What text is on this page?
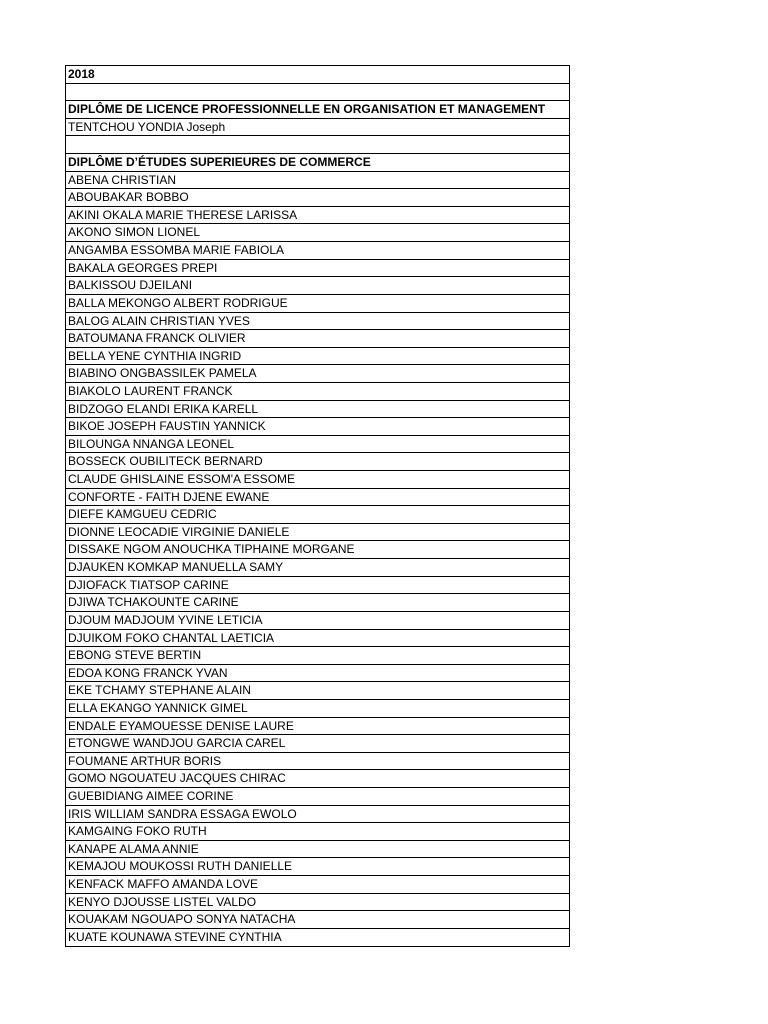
2018
DIPLÔME DE LICENCE PROFESSIONNELLE EN ORGANISATION ET MANAGEMENT
TENTCHOU YONDIA Joseph
DIPLÔME D’ÉTUDES SUPERIEURES DE COMMERCE
ABENA CHRISTIAN
ABOUBAKAR BOBBO
AKINI OKALA MARIE THERESE LARISSA
AKONO SIMON LIONEL
ANGAMBA ESSOMBA MARIE FABIOLA
BAKALA GEORGES PREPI
BALKISSOU DJEILANI
BALLA MEKONGO ALBERT RODRIGUE
BALOG ALAIN CHRISTIAN YVES
BATOUMANA FRANCK OLIVIER
BELLA YENE CYNTHIA INGRID
BIABINO ONGBASSILEK PAMELA
BIAKOLO LAURENT FRANCK
BIDZOGO ELANDI ERIKA KARELL
BIKOE JOSEPH FAUSTIN YANNICK
BILOUNGA NNANGA LEONEL
BOSSECK OUBILITECK BERNARD
CLAUDE GHISLAINE ESSOM'A ESSOME
CONFORTE - FAITH DJENE EWANE
DIEFE KAMGUEU CEDRIC
DIONNE LEOCADIE VIRGINIE DANIELE
DISSAKE NGOM ANOUCHKA TIPHAINE MORGANE
DJAUKEN KOMKAP MANUELLA SAMY
DJIOFACK TIATSOP CARINE
DJIWA TCHAKOUNTE CARINE
DJOUM MADJOUM YVINE LETICIA
DJUIKOM FOKO CHANTAL LAETICIA
EBONG STEVE BERTIN
EDOA KONG FRANCK YVAN
EKE TCHAMY STEPHANE ALAIN
ELLA EKANGO YANNICK GIMEL
ENDALE EYAMOUESSE DENISE LAURE
ETONGWE WANDJOU GARCIA CAREL
FOUMANE ARTHUR BORIS
GOMO NGOUATEU JACQUES CHIRAC
GUEBIDIANG AIMEE CORINE
IRIS WILLIAM SANDRA ESSAGA EWOLO
KAMGAING FOKO RUTH
KANAPE ALAMA ANNIE
KEMAJOU MOUKOSSI RUTH DANIELLE
KENFACK MAFFO AMANDA LOVE
KENYO DJOUSSE LISTEL VALDO
KOUAKAM NGOUAPO SONYA NATACHA
KUATE KOUNAWA STEVINE CYNTHIA
